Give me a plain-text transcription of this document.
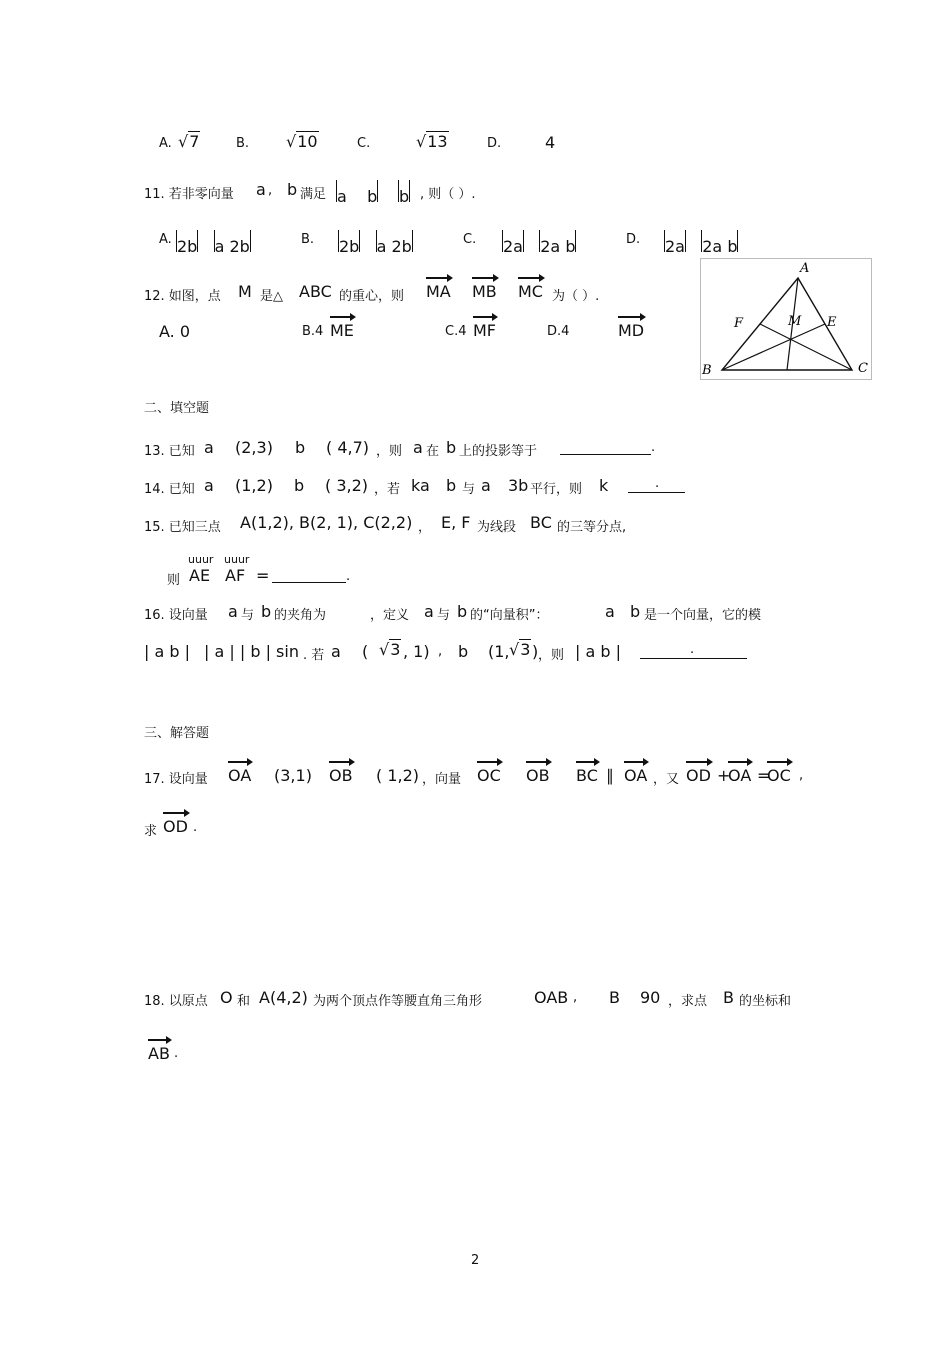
A. √7	B. √10	C.	√13	D.	4
11. 若非零向量 a , b 满足 a b b , 则（ ）.
A. 2b a 2b	B. 2b a 2b	C. 2a 2a b	D. 2a 2a b
12. 如图，点 M 是△ ABC 的重心，则 MA MB MC 为（ ）.
A. 0	B.4 ME	C.4 MF	D.4	MD
A
B	C
E
F	M
二、填空题
13. 已知 a (2,3) b ( 4,7) ，则 a 在 b 上的投影等于	.
14. 已知 a (1,2) b ( 3,2) ，若 ka b 与 a 3b 平行，则 k	.
15. 已知三点 A(1,2), B(2, 1), C(2,2) ， E, F 为线段 BC 的三等分点,
则
uuur uuur
AE AF =	.
16. 设向量 a 与 b 的夹角为	，定义 a 与 b 的“向量积”：	a b 是一个向量，它的模
| a b | | a | | b | sin . 若 a ( √3 , 1) , b (1, √3 ) ，则 | a b |	.
三、解答题
17. 设向量 OA (3,1) OB ( 1,2) ，向量 OC OB BC ∥ OA ，又 OD +
OA =
OC ,
求 OD .
18. 以原点 O 和 A(4,2) 为两个顶点作等腰直角三角形	OAB , B 90 ，求点 B 的坐标和
AB .
2
